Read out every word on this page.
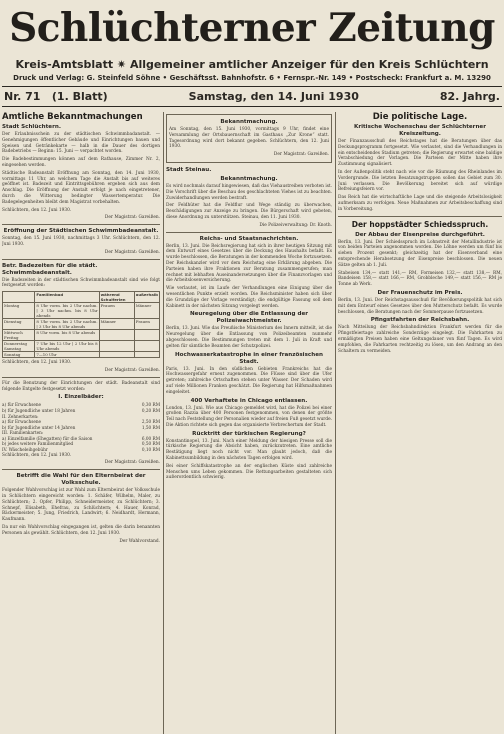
Schlüchterner Zeitung
Kreis-Amtsblatt ✷ Allgemeiner amtlicher Anzeiger für den Kreis Schlüchtern
Druck und Verlag: G. Steinfeld Söhne • Geschäftsst. Bahnhofstr. 6 • Fernspr.-Nr. 149 • Postscheck: Frankfurt a. M. 13290
Nr. 71 (1. Blatt)	Samstag, den 14. Juni 1930	82. Jahrg.
Amtliche Bekanntmachungen
Stadt Schlüchtern.

Der Erlaubnisschein zu der städtischen Schwimmbadanstalt. — Genehmigungen öffentlicher Gebäude und Einrichtungen bauen und Speisen und Getränkekarte — halb in die Dauer des dortigen Badebetriebs — Beginn: 15. Juni — verpachtet worden.

Die Badebestimmungen können auf dem Rathause, Zimmer Nr. 2, eingesehen werden.

Städtische Badeanstalt Eröffnung am Sonntag, den 14. Juni 1930, vormittags 11 Uhr, an welchem Tage die Anstalt bis auf weiteres geöffnet ist. Badezeit und Eintrittsgebühren ergeben sich aus dem Anschlag. Die Eröffnung der Anstalt erfolgt je nach eingetretener, durch die Witterung bedingter Wassertemperatur. Die Badegelegenheiten bleibt dem Magistrat vorbehalten.

Schlüchtern, den 12. Juni 1930.

Der Magistrat: Gareißen.
Eröffnung der Städtischen Schwimmbadeanstalt.

Sonntag, den 15. Juni 1930, nachmittags 3 Uhr. Schlüchtern, den 12. Juni 1930.

Der Magistrat: Gareißen.
Betr. Badezeiten für die städt. Schwimmbadeanstalt.

Die Badezeiten in der städtischen Schwimmbadeanstalt sind wie folgt festgesetzt worden:

	Familienbad	während Schulferien	außerhalb
Montag	8 Uhr vorm. bis 2 Uhr nachm. | 3 Uhr nachm. bis 8 Uhr abends	Frauen	Männer
Dienstag	8 Uhr vorm. bis 2 Uhr nachm. | 3 Uhr bis 8 Uhr abends	Männer	Frauen
Mittwoch Freitag	8 Uhr vorm. bis 8 Uhr abends		
Donnerstag Samstag	7 Uhr bis 12 Uhr | 2 Uhr bis 8 Uhr abends		
Sonntag	7—10 Uhr		

Schlüchtern, den 12. Juni 1930.

Der Magistrat: Gareißen.

Für die Benutzung der Einrichtungen der städt. Badeanstalt sind folgende Entgelte festgesetzt worden:

I. Einzelbäder:
a) für Erwachsene	0,30 RM
b) für Jugendliche unter 18 Jahren	0,20 RM
II. Zehnerkarten:
a) für Erwachsene	2,50 RM
b) für Jugendliche unter 14 Jahren	1,50 RM
III. Familienkarten:
a) Einzelfamilie (Ehegatten) für die Saison	6,00 RM
b) jedes weitere Familienmitglied	0,50 RM
IV. Wäscheleihgebühr	0,10 RM

Schlüchtern, den 12. Juni 1930.

Der Magistrat: Gareißen.
Betrifft die Wahl für den Elternbeirat der Volksschule.

Folgender Wahlvorschlag ist zur Wahl zum Elternbeirat der Volksschule in Schlüchtern eingereicht worden: 1. Schäfer, Wilhelm, Maler, zu Schlüchtern; 2. Opfer, Philipp, Schneidermeister, zu Schlüchtern; 3. Schnepf, Elisabeth, Ehefrau, zu Schlüchtern; 4. Hauer, Konrad, Bäckermeister; 5. Jung, Friedrich, Landwirt; 6. Neidhardt, Hermann, Kaufmann.

Da nur ein Wahlvorschlag eingegangen ist, gelten die darin benannten Personen als gewählt. Schlüchtern, den 12. Juni 1930.

Der Wahlvorstand.
Bekanntmachung.

Am Sonntag, den 15. Juni 1930, vormittags 9 Uhr, findet eine Versammlung der Ortsbauernschaft im Gasthaus „Zur Krone“ statt. Tagesordnung wird dort bekannt gegeben. Schlüchtern, den 12. Juni 1930.

Der Magistrat: Gareißen.
Stadt Steinau.
Bekanntmachung.

Es wird nochmals darauf hingewiesen, daß das Viehaustreiben verboten ist. Die Vorschrift über die Beschau des geschlachteten Viehes ist zu beachten. Zuwiderhandlungen werden bestraft.

Der Feldhüter hat die Feldflur und Wege ständig zu überwachen, Beschädigungen zur Anzeige zu bringen. Die Bürgerschaft wird gebeten, diese Anordnung zu unterstützen. Steinau, den 11. Juni 1930.

Die Polizeiverwaltung: Dr. Knoth.
Reichs- und Staatsnachrichten.

Berlin, 13. Juni. Die Reichsregierung hat sich in ihrer heutigen Sitzung mit dem Entwurf eines Gesetzes über die Deckung des Haushalts befaßt. Es wurde beschlossen, die Beratungen in der kommenden Woche fortzusetzen. Der Reichskanzler wird vor dem Reichstag eine Erklärung abgeben. Die Parteien haben ihre Fraktionen zur Beratung zusammengerufen; man rechnet mit lebhaften Auseinandersetzungen über die Finanzvorlagen und die Arbeitslosenversicherung.

Wie verlautet, ist im Laufe der Verhandlungen eine Einigung über die wesentlichen Punkte erzielt worden. Die Reichsminister haben sich über die Grundzüge der Vorlage verständigt; die endgültige Fassung soll dem Kabinett in der nächsten Sitzung vorgelegt werden.

Neuregelung über die Entlassung der Polizeiwachtmeister.

Berlin, 13. Juni. Wie das Preußische Ministerium des Innern mitteilt, ist die Neuregelung über die Entlassung von Polizeibeamten nunmehr abgeschlossen. Die Bestimmungen treten mit dem 1. Juli in Kraft und gelten für sämtliche Beamten der Schutzpolizei.

Hochwasserkatastrophe in einer französischen Stadt.

Paris, 13. Juni. In den südlichen Gebieten Frankreichs hat die Hochwassergefahr erneut zugenommen. Die Flüsse sind über die Ufer getreten; zahlreiche Ortschaften stehen unter Wasser. Der Schaden wird auf viele Millionen Franken geschätzt. Die Regierung hat Hilfsmaßnahmen eingeleitet.

400 Verhaftete in Chicago entlassen.

London, 13. Juni. Wie aus Chicago gemeldet wird, hat die Polizei bei einer großen Razzia über 400 Personen festgenommen, von denen der größte Teil nach Feststellung der Personalien wieder auf freien Fuß gesetzt wurde. Die Aktion richtete sich gegen das organisierte Verbrechertum der Stadt.

Rücktritt der türkischen Regierung?

Konstantinopel, 13. Juni. Nach einer Meldung der hiesigen Presse soll die türkische Regierung die Absicht haben, zurückzutreten. Eine amtliche Bestätigung liegt noch nicht vor. Man glaubt jedoch, daß die Kabinettsumbildung in den nächsten Tagen erfolgen wird.

Bei einer Schiffskatastrophe an der englischen Küste sind zahlreiche Menschen ums Leben gekommen. Die Rettungsarbeiten gestalteten sich außerordentlich schwierig.

Die politische Lage.
Kritische Wochenschau der Schlüchterner Kreiszeitung.

Der Finanzausschuß des Reichstages hat die Beratungen über das Deckungsprogramm fortgesetzt. Wie verlautet, sind die Verhandlungen in ein entscheidendes Stadium getreten; die Regierung erwartet eine baldige Verabschiedung der Vorlagen. Die Parteien der Mitte haben ihre Zustimmung signalisiert.

In der Außenpolitik steht nach wie vor die Räumung des Rheinlandes im Vordergrunde. Die letzten Besatzungstruppen sollen das Gebiet zum 30. Juni verlassen. Die Bevölkerung bereitet sich auf würdige Befreiungsfeiern vor.

Das Reich hat die wirtschaftliche Lage und die steigende Arbeitslosigkeit aufmerksam zu verfolgen. Neue Maßnahmen zur Arbeitsbeschaffung sind in Vorbereitung.

Der hoppstädter Schiedsspruch.
Der Abbau der Eisenpreise durchgeführt.

Berlin, 13. Juni. Der Schiedsspruch im Lohnstreit der Metallindustrie ist von beiden Parteien angenommen worden. Die Löhne werden um fünf bis sieben Prozent gesenkt; gleichzeitig hat der Eisenverband eine entsprechende Herabsetzung der Eisenpreise beschlossen. Die neuen Sätze gelten ab 1. Juli.

Stabeisen 134,— statt 141,— RM, Formeisen 132,— statt 138,— RM, Bandeisen 158,— statt 166,— RM, Grobbleche 149,— statt 156,— RM je Tonne ab Werk.

Der Frauenschutz im Preis.

Berlin, 13. Juni. Der Reichstagsausschuß für Bevölkerungspolitik hat sich mit dem Entwurf eines Gesetzes über den Mutterschutz befaßt. Es wurde beschlossen, die Beratungen nach der Sommerpause fortzusetzen.

Pfingstfahrten der Reichsbahn.

Nach Mitteilung der Reichsbahndirektion Frankfurt werden für die Pfingstfeiertage zahlreiche Sonderzüge eingelegt. Die Fahrkarten zu ermäßigten Preisen haben eine Geltungsdauer von fünf Tagen. Es wird empfohlen, die Fahrkarten rechtzeitig zu lösen, um den Andrang an den Schaltern zu vermeiden.
